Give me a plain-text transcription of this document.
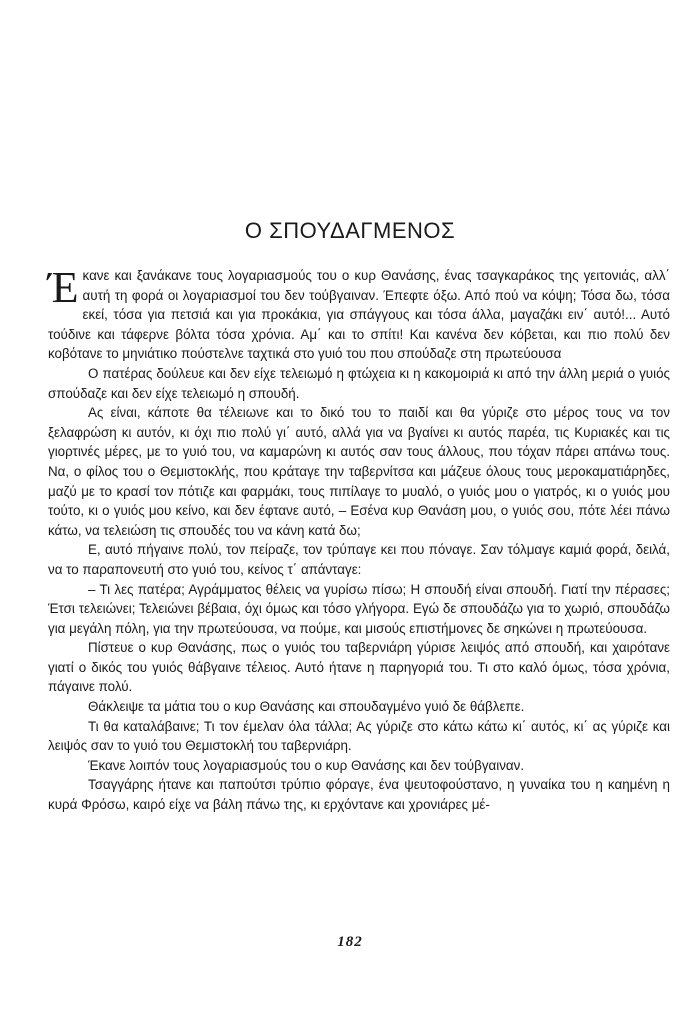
Ο ΣΠΟΥΔΑΓΜΕΝΟΣ

Έκανε και ξανάκανε τους λογαριασμούς του ο κυρ Θανάσης, ένας τσαγκαράκος της γειτονιάς, αλλ΄ αυτή τη φορά οι λογαριασμοί του δεν τούβγαιναν. Έπεφτε όξω. Από πού να κόψη; Τόσα δω, τόσα εκεί, τόσα για πετσιά και για προκάκια, για σπάγγους και τόσα άλλα, μαγαζάκι ειν΄ αυτό!... Αυτό τούδινε και τάφερνε βόλτα τόσα χρόνια. Αμ΄ και το σπίτι! Και κανένα δεν κόβεται, και πιο πολύ δεν κοβότανε το μηνιάτικο πούστελνε ταχτικά στο γυιό του που σπούδαζε στη πρωτεύουσα

Ο πατέρας δούλευε και δεν είχε τελειωμό η φτώχεια κι η κακομοιριά κι από την άλλη μεριά ο γυιός σπούδαζε και δεν είχε τελειωμό η σπουδή.

Ας είναι, κάποτε θα τέλειωνε και το δικό του το παιδί και θα γύριζε στο μέρος τους να τον ξελαφρώση κι αυτόν, κι όχι πιο πολύ γι΄ αυτό, αλλά για να βγαίνει κι αυτός παρέα, τις Κυριακές και τις γιορτινές μέρες, με το γυιό του, να καμαρώνη κι αυτός σαν τους άλλους, που τόχαν πάρει απάνω τους. Να, ο φίλος του ο Θεμιστοκλής, που κράταγε την ταβερνίτσα και μάζευε όλους τους μεροκαματιάρηδες, μαζύ με το κρασί τον πότιζε και φαρμάκι, τους πιπίλαγε το μυαλό, ο γυιός μου ο γιατρός, κι ο γυιός μου τούτο, κι ο γυιός μου κείνο, και δεν έφτανε αυτό, – Εσένα κυρ Θανάση μου, ο γυιός σου, πότε λέει πάνω κάτω, να τελειώση τις σπουδές του να κάνη κατά δω;

Ε, αυτό πήγαινε πολύ, τον πείραζε, τον τρύπαγε κει που πόναγε. Σαν τόλμαγε καμιά φορά, δειλά, να το παραπονευτή στο γυιό του, κείνος τ΄ απάνταγε:

– Τι λες πατέρα; Αγράμματος θέλεις να γυρίσω πίσω; Η σπουδή είναι σπουδή. Γιατί την πέρασες; Έτσι τελειώνει; Τελειώνει βέβαια, όχι όμως και τόσο γλήγορα. Εγώ δε σπουδάζω για το χωριό, σπουδάζω για μεγάλη πόλη, για την πρωτεύουσα, να πούμε, και μισούς επιστήμονες δε σηκώνει η πρωτεύουσα.

Πίστευε ο κυρ Θανάσης, πως ο γυιός του ταβερνιάρη γύρισε λειψός από σπουδή, και χαιρότανε γιατί ο δικός του γυιός θάβγαινε τέλειος. Αυτό ήτανε η παρηγοριά του. Τι στο καλό όμως, τόσα χρόνια, πάγαινε πολύ.

Θάκλειψε τα μάτια του ο κυρ Θανάσης και σπουδαγμένο γυιό δε θάβλεπε.

Τι θα καταλάβαινε; Τι τον έμελαν όλα τάλλα; Ας γύριζε στο κάτω κάτω κι΄ αυτός, κι΄ ας γύριζε και λειψός σαν το γυιό του Θεμιστοκλή του ταβερνιάρη.

Έκανε λοιπόν τους λογαριασμούς του ο κυρ Θανάσης και δεν τούβγαιναν.

Τσαγγάρης ήτανε και παπούτσι τρύπιο φόραγε, ένα ψευτοφούστανο, η γυναίκα του η καημένη η κυρά Φρόσω, καιρό είχε να βάλη πάνω της, κι ερχόντανε και χρονιάρες μέ-

182
